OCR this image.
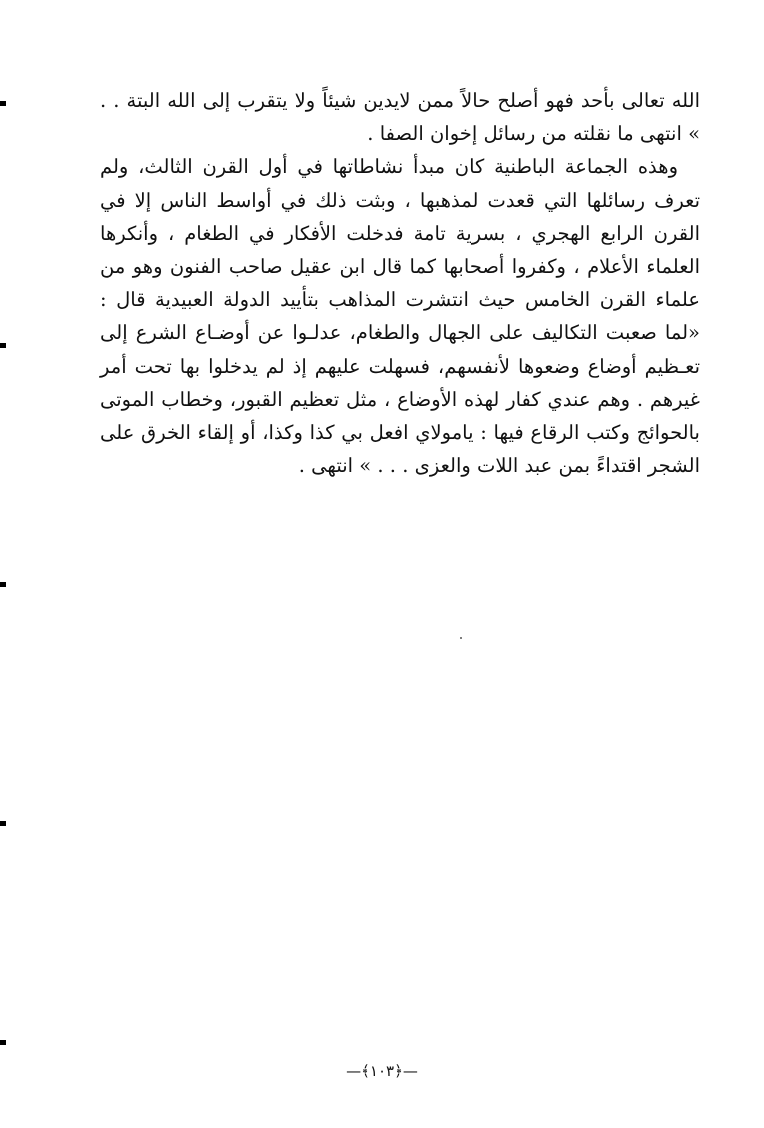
الله تعالى بأحد فهو أصلح حالاً ممن لايدين شيئاً ولا يتقرب إلى الله البتة . . » انتهى ما نقلته من رسائل إخوان الصفا .

وهذه الجماعة الباطنية كان مبدأ نشاطاتها في أول القرن الثالث، ولم تعرف رسائلها التي قعدت لمذهبها ، وبثت ذلك في أواسط الناس إلا في القرن الرابع الهجري ، بسرية تامة فدخلت الأفكار في الطغام ، وأنكرها العلماء الأعلام ، وكفروا أصحابها كما قال ابن عقيل صاحب الفنون وهو من علماء القرن الخامس حيث انتشرت المذاهب بتأييد الدولة العبيدية قال : «لما صعبت التكاليف على الجهال والطغام، عدلـوا عن أوضـاع الشرع إلى تعـظيم أوضاع وضعوها لأنفسهم، فسهلت عليهم إذ لم يدخلوا بها تحت أمر غيرهم . وهم عندي كفار لهذه الأوضاع ، مثل تعظيم القبور، وخطاب الموتى بالحوائج وكتب الرقاع فيها : يامولاي افعل بي كذا وكذا، أو إلقاء الخرق على الشجر اقتداءً بمن عبد اللات والعزى . . . » انتهى .

—﴿١٠٣﴾—
